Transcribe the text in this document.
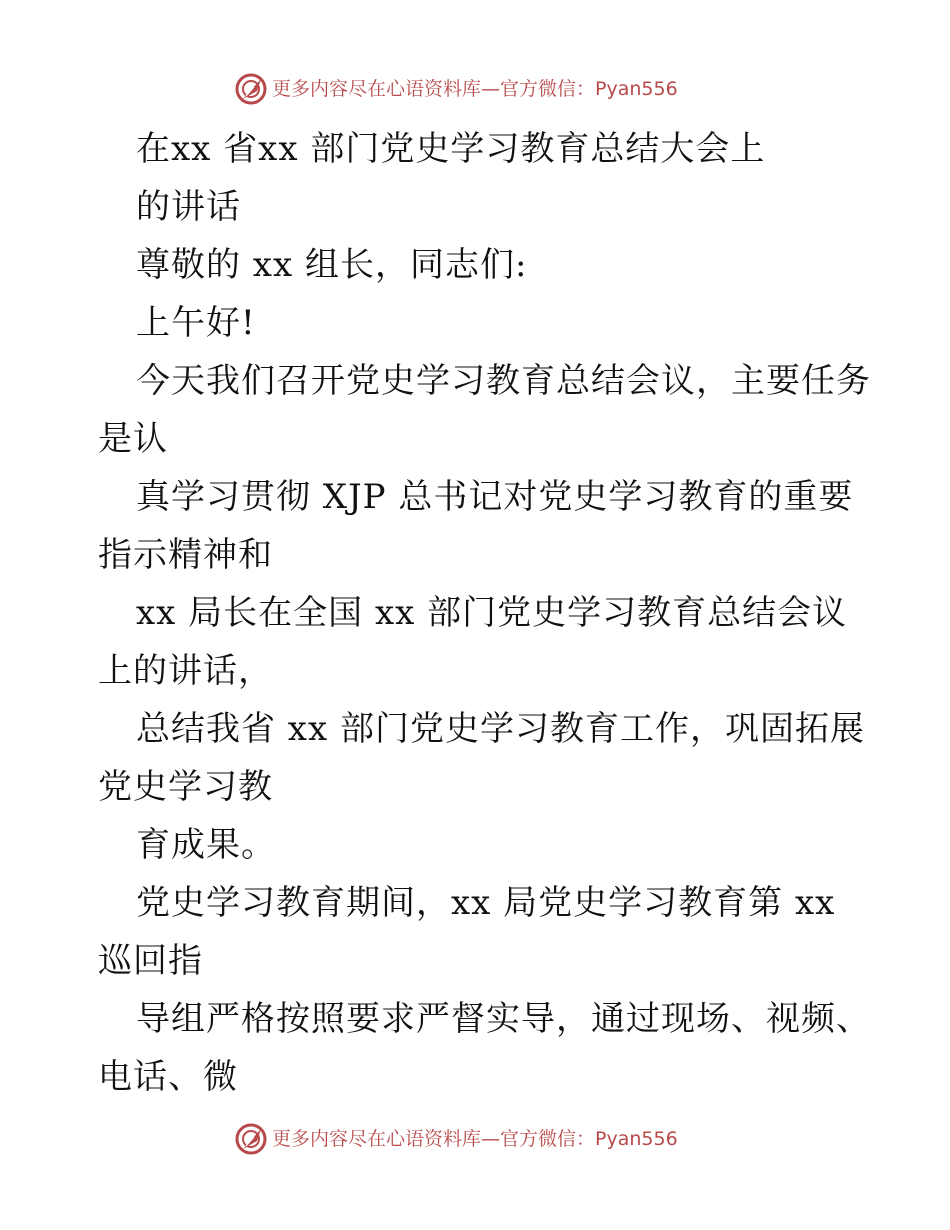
更多内容尽在心语资料库—官方微信：Pyan556
在xx 省xx 部门党史学习教育总结大会上
的讲话
尊敬的 xx 组长，同志们:
上午好!
今天我们召开党史学习教育总结会议，主要任务
是认
真学习贯彻 XJP 总书记对党史学习教育的重要
指示精神和
xx 局长在全国 xx 部门党史学习教育总结会议
上的讲话，
总结我省 xx 部门党史学习教育工作，巩固拓展
党史学习教
育成果。
党史学习教育期间，xx 局党史学习教育第 xx
巡回指
导组严格按照要求严督实导，通过现场、视频、
电话、微
更多内容尽在心语资料库—官方微信：Pyan556
